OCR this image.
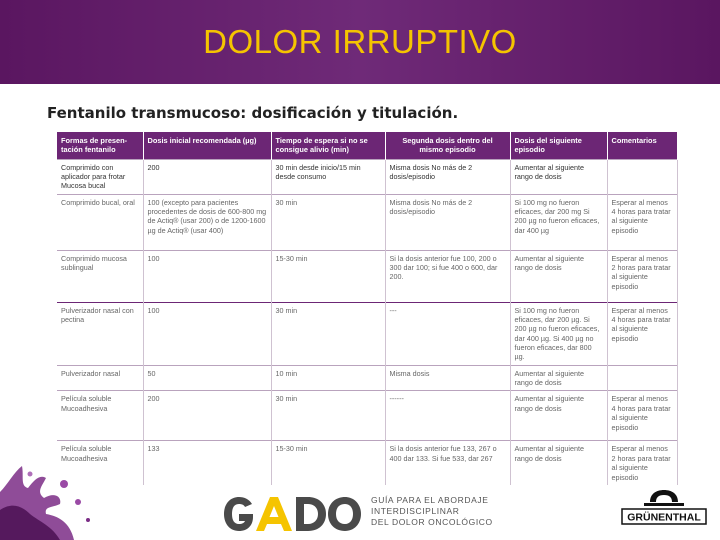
DOLOR IRRUPTIVO
Fentanilo transmucoso: dosificación y titulación.
Formas de presen- tación fentanilo	Dosis inicial recomendada (µg)	Tiempo de espera si no se consigue alivio (min)	Segunda dosis dentro del mismo episodio	Dosis del siguiente episodio	Comentarios
Comprimido con aplicador para frotar Mucosa bucal	200	30 min desde inicio/15 min desde consumo	Misma dosis No más de 2 dosis/episodio	Aumentar al siguiente rango de dosis	
Comprimido bucal, oral	100 (excepto para pacientes procedentes de dosis de 600-800 mg de Actiq® (usar 200) o de 1200-1600 µg de Actiq® (usar 400)	30 min	Misma dosis No más de 2 dosis/episodio	Si 100 mg no fueron eficaces, dar 200 mg Si 200 µg no fueron eficaces, dar 400 µg	Esperar al menos 4 horas para tratar al siguiente episodio
Comprimido mucosa sublingual	100	15-30 min	Si la dosis anterior fue 100, 200 o 300 dar 100; si fue 400 o 600, dar 200.	Aumentar al siguiente rango de dosis	Esperar al menos 2 horas para tratar al siguiente episodio
Pulverizador nasal con pectina	100	30 min	---	Si 100 mg no fueron eficaces, dar 200 µg. Si 200 µg no fueron eficaces, dar 400 µg. Si 400 µg no fueron eficaces, dar 800 µg.	Esperar al menos 4 horas para tratar al siguiente episodio
Pulverizador nasal	50	10 min	Misma dosis	Aumentar al siguiente rango de dosis	
Película soluble Mucoadhesiva	200	30 min	------	Aumentar al siguiente rango de dosis	Esperar al menos 4 horas para tratar al siguiente episodio
Película soluble Mucoadhesiva	133	15-30 min	Si la dosis anterior fue 133, 267 o 400 dar 133. Si fue 533, dar 267	Aumentar al siguiente rango de dosis	Esperar al menos 2 horas para tratar al siguiente episodio
GUÍA PARA EL ABORDAJE
INTERDISCIPLINAR
DEL DOLOR ONCOLÓGICO	GRÜNENTHAL
